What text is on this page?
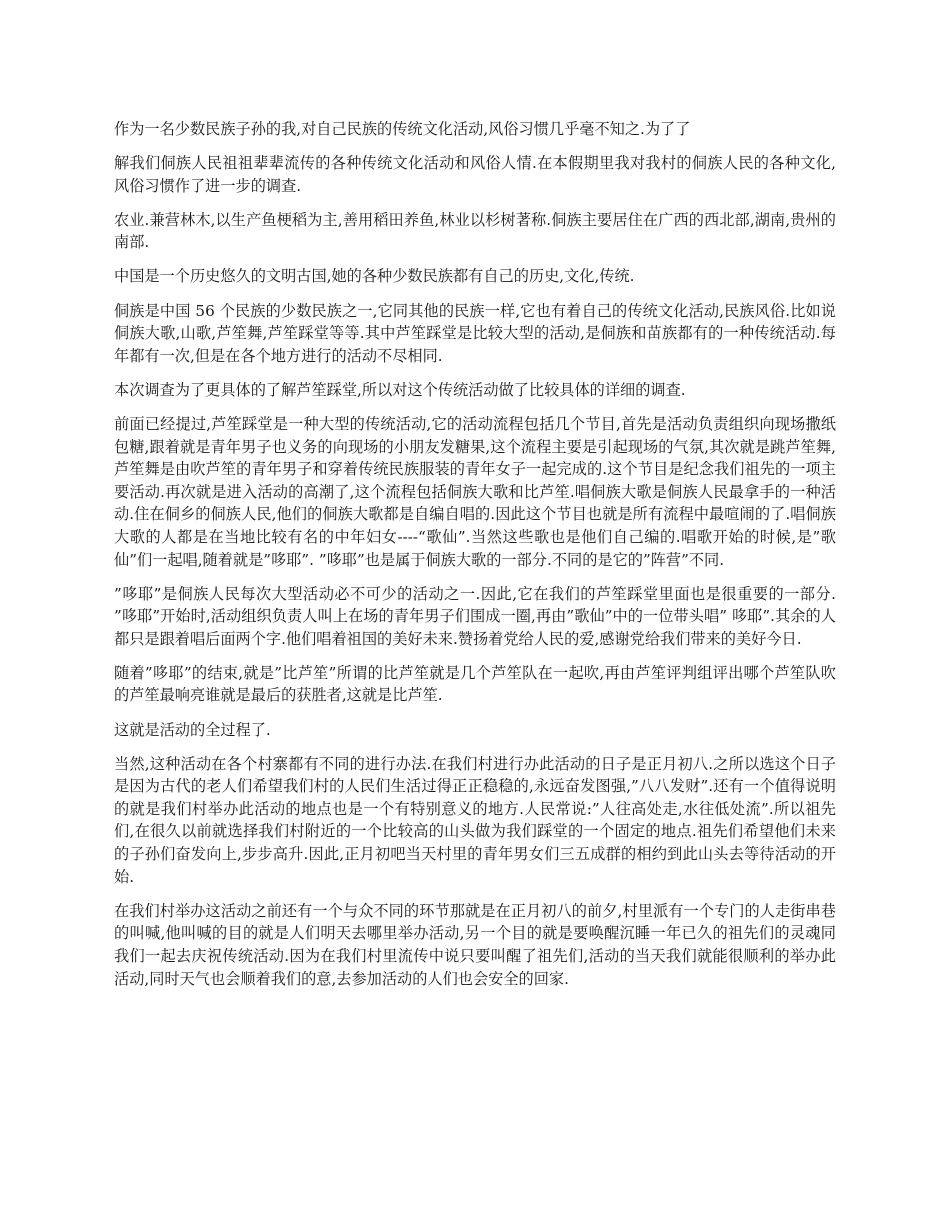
作为一名少数民族子孙的我,对自己民族的传统文化活动,风俗习惯几乎毫不知之.为了了

解我们侗族人民祖祖辈辈流传的各种传统文化活动和风俗人情.在本假期里我对我村的侗族人民的各种文化,风俗习惯作了进一步的调查.

农业.兼营林木,以生产鱼梗稻为主,善用稻田养鱼,林业以杉树著称.侗族主要居住在广西的西北部,湖南,贵州的南部.

中国是一个历史悠久的文明古国,她的各种少数民族都有自己的历史,文化,传统.

侗族是中国 56 个民族的少数民族之一,它同其他的民族一样,它也有着自己的传统文化活动,民族风俗.比如说侗族大歌,山歌,芦笙舞,芦笙踩堂等等.其中芦笙踩堂是比较大型的活动,是侗族和苗族都有的一种传统活动.每年都有一次,但是在各个地方进行的活动不尽相同.

本次调查为了更具体的了解芦笙踩堂,所以对这个传统活动做了比较具体的详细的调查.

前面已经提过,芦笙踩堂是一种大型的传统活动,它的活动流程包括几个节目,首先是活动负责组织向现场撒纸包糖,跟着就是青年男子也义务的向现场的小朋友发糖果,这个流程主要是引起现场的气氛,其次就是跳芦笙舞,芦笙舞是由吹芦笙的青年男子和穿着传统民族服装的青年女子一起完成的.这个节目是纪念我们祖先的一项主要活动.再次就是进入活动的高潮了,这个流程包括侗族大歌和比芦笙.唱侗族大歌是侗族人民最拿手的一种活动.住在侗乡的侗族人民,他们的侗族大歌都是自编自唱的.因此这个节目也就是所有流程中最喧闹的了.唱侗族大歌的人都是在当地比较有名的中年妇女----“歌仙”.当然这些歌也是他们自己编的.唱歌开始的时候,是”歌仙”们一起唱,随着就是”哆耶”. ”哆耶”也是属于侗族大歌的一部分.不同的是它的”阵营”不同.

”哆耶”是侗族人民每次大型活动必不可少的活动之一.因此,它在我们的芦笙踩堂里面也是很重要的一部分. ”哆耶”开始时,活动组织负责人叫上在场的青年男子们围成一圈,再由”歌仙”中的一位带头唱” 哆耶”.其余的人都只是跟着唱后面两个字.他们唱着祖国的美好未来.赞扬着党给人民的爱,感谢党给我们带来的美好今日.

随着”哆耶”的结束,就是”比芦笙”所谓的比芦笙就是几个芦笙队在一起吹,再由芦笙评判组评出哪个芦笙队吹的芦笙最响亮谁就是最后的获胜者,这就是比芦笙.

这就是活动的全过程了.

当然,这种活动在各个村寨都有不同的进行办法.在我们村进行办此活动的日子是正月初八.之所以选这个日子是因为古代的老人们希望我们村的人民们生活过得正正稳稳的,永远奋发图强,”八八发财”.还有一个值得说明的就是我们村举办此活动的地点也是一个有特别意义的地方.人民常说:”人往高处走,水往低处流”.所以祖先们,在很久以前就选择我们村附近的一个比较高的山头做为我们踩堂的一个固定的地点.祖先们希望他们未来的子孙们奋发向上,步步高升.因此,正月初吧当天村里的青年男女们三五成群的相约到此山头去等待活动的开始.

在我们村举办这活动之前还有一个与众不同的环节那就是在正月初八的前夕,村里派有一个专门的人走街串巷的叫喊,他叫喊的目的就是人们明天去哪里举办活动,另一个目的就是要唤醒沉睡一年已久的祖先们的灵魂同我们一起去庆祝传统活动.因为在我们村里流传中说只要叫醒了祖先们,活动的当天我们就能很顺利的举办此活动,同时天气也会顺着我们的意,去参加活动的人们也会安全的回家.
